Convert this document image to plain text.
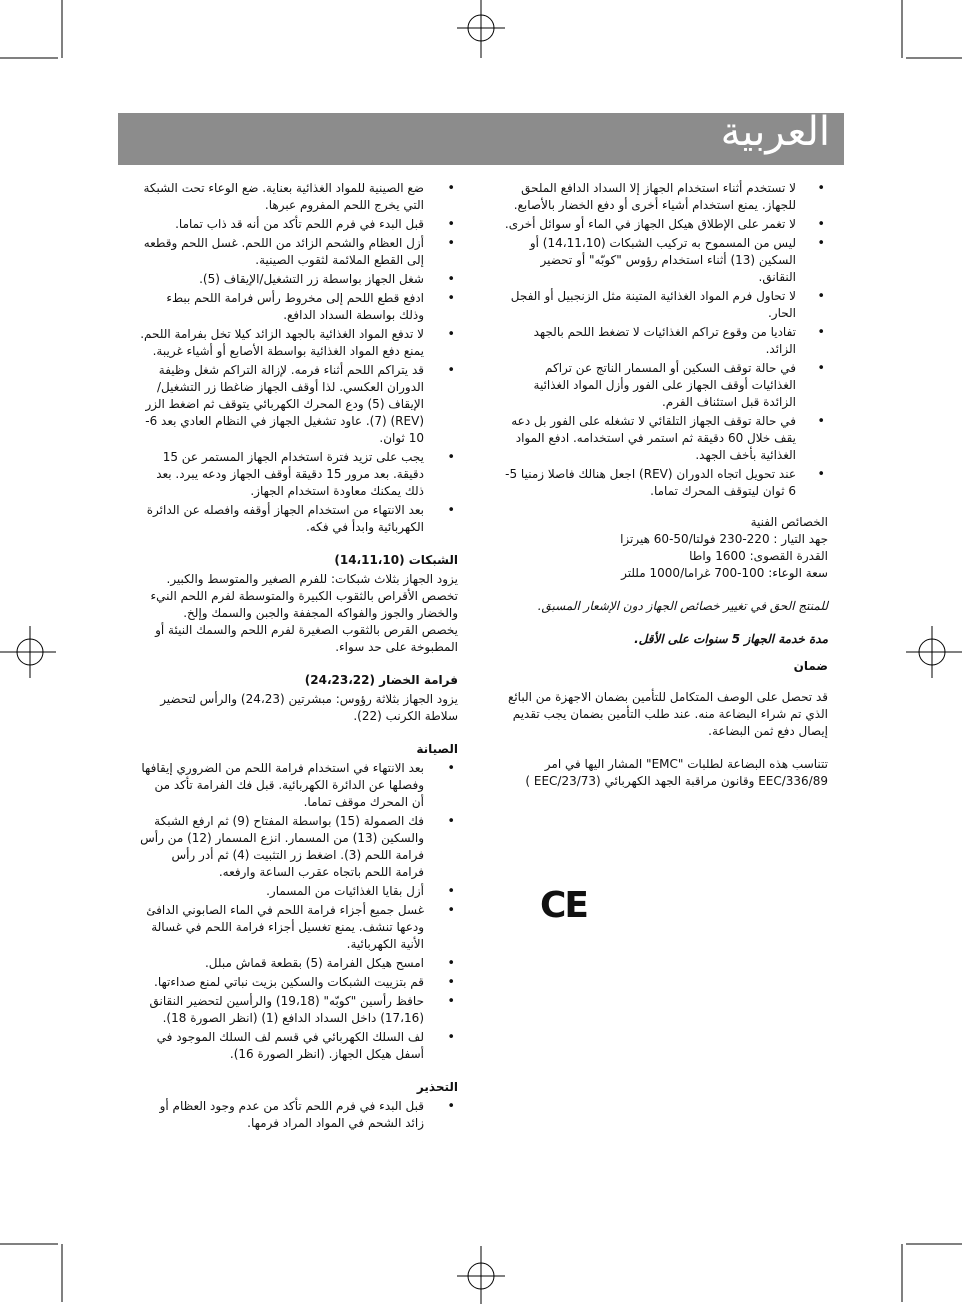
العربية
• لا تستخدم أثناء استخدام الجهاز إلا السداد الدافع الملحق للجهاز. يمنع استخدام أشياء أخرى أو دفع الخضار بالأصابع.
• لا تغمر على الإطلاق هيكل الجهاز في الماء أو سوائل أخرى.
• ليس من المسموح به تركيب الشبكات (14،11،10) أو السكين (13) أثناء استخدام رؤوس "كوبّه" أو تحضير النقانق.
• لا تحاول فرم المواد الغذائية المتينة مثل الزنجبيل أو الفجل الحار.
• تفاديا من وقوع تراكم الغذائيات لا تضغط اللحم بالجهد الزائد.
• في حالة توقف السكين أو المسمار الناتج عن تراكم الغذائيات أوقف الجهاز على الفور وأزل المواد الغذائية الزائدة قبل استئناف الفرم.
• في حالة توقف الجهاز التلقائي لا تشغله على الفور بل دعه يقف خلال 60 دقيقة ثم استمر في استخدامه. ادفع المواد الغذائية بأخف الجهد.
• عند تحويل اتجاه الدوران (REV) اجعل هنالك فاصلا زمنيا 5-6 ثوان ليتوقف المحرك تماما.

الخصائص الفنية

جهد التيار : 220-230 فولتا/50-60 هيرتزا

القدرة القصوى: 1600 واطا

سعة الوعاء: 100-700 غراما/1000 مللتر

للمنتج الحق في تغيير خصائص الجهاز دون الإشعار المسبق.

مدة خدمة الجهاز 5 سنوات على الأقل.

ضمان

قد تحصل على الوصف المتكامل للتأمين بضمان الاجهزة من البائع الذي تم شراء البضاعة منه. عند طلب التأمين بضمان يجب تقديم إيصال دفع ثمن البضاعة.

تتناسب هذه البضاعة لطلبات "EMC" المشار اليها في امر EEC/336/89 وقانون مراقبة الجهد الكهربائي (EEC/23/73 )

CE
• ضع الصينية للمواد الغذائية بعناية. ضع الوعاء تحت الشبكة التي يخرج اللحم المفروم عبرها.
• قبل البدء في فرم اللحم تأكد من أنه قد ذاب تماما.
• أزل العظام والشحم الزائد من اللحم. غسل اللحم وقطعه إلى القطع الملائمة لثقوب الصينية.
• شغل الجهاز بواسطة زر التشغيل/الإيقاف (5).
• ادفع قطع اللحم إلى مخروط رأس فرامة اللحم ببطء وذلك بواسطة السداد الدافع.
• لا تدفع المواد الغذائية بالجهد الزائد كيلا تخل بفرامة اللحم. يمنع دفع المواد الغذائية بواسطة الأصابع أو أشياء غريبة.
• قد يتراكم اللحم أثناء فرمه. لإزالة التراكم شغل وظيفة الدوران العكسي. لذا أوقف الجهاز ضاغطا زر التشغيل/الإيقاف (5) ودع المحرك الكهربائي يتوقف ثم اضغط الزر (REV) (7). عاود تشغيل الجهاز في النظام العادي بعد 6-10 ثوان.
• يجب على تزيد فترة استخدام الجهاز المستمر عن 15 دقيقة. بعد مرور 15 دقيقة أوقف الجهاز ودعه يبرد. بعد ذلك يمكنك معاودة استخدام الجهاز.
• بعد الانتهاء من استخدام الجهاز أوقفه وافصله عن الدائرة الكهربائية وابدأ في فكه.

الشبكات (14،11،10)

يزود الجهاز بثلاث شبكات: للفرم الصغير والمتوسط والكبير.

تخصص الأقراص بالثقوب الكبيرة والمتوسطة لفرم اللحم النيء والخضار والجوز والفواكه المجففة والجبن والسمك وإلخ.

يخصص القرص بالثقوب الصغيرة لفرم اللحم والسمك النيئة أو المطبوخة على حد سواء.

فرامة الخضار (24،23،22)

يزود الجهاز بثلاثة رؤوس: مبشرتين (24،23) والرأس لتحضير سلاطة الكرنب (22).

الصيانة

• بعد الانتهاء في استخدام فرامة اللحم من الضروري إيقافها وفصلها عن الدائرة الكهربائية. قبل فك الفرامة تأكد من أن المحرك موقف تماما.
• فك الصمولة (15) بواسطة المفتاح (9) ثم ارفع الشبكة والسكين (13) من المسمار. انزع المسمار (12) من رأس فرامة اللحم (3). اضغط زر التثبيت (4) ثم أدر رأس فرامة اللحم باتجاه عقرب الساعة وارفعه.
• أزل بقايا الغذائيات من المسمار.
• غسل جميع أجزاء فرامة اللحم في الماء الصابوني الدافئ ودعها تنشف. يمنع تغسيل أجزاء فرامة اللحم في غسالة الأنية الكهربائية.
• امسح هيكل الفرامة (5) بقطعة قماش مبلل.
• قم بتزييت الشبكات والسكين بزيت نباتي لمنع صداءتها.
• حافظ رأسين "كوبّه" (19،18) والرأسين لتحضير النقانق (17،16) داخل السداد الدافع (1) (انظر الصورة 18).
• لف السلك الكهربائي في قسم لف السلك الموجود في أسفل هيكل الجهاز. (انظر الصورة 16).

التحذير

• قبل البدء في فرم اللحم تأكد من عدم وجود العظام أو زائد الشحم في المواد المراد فرمها.
